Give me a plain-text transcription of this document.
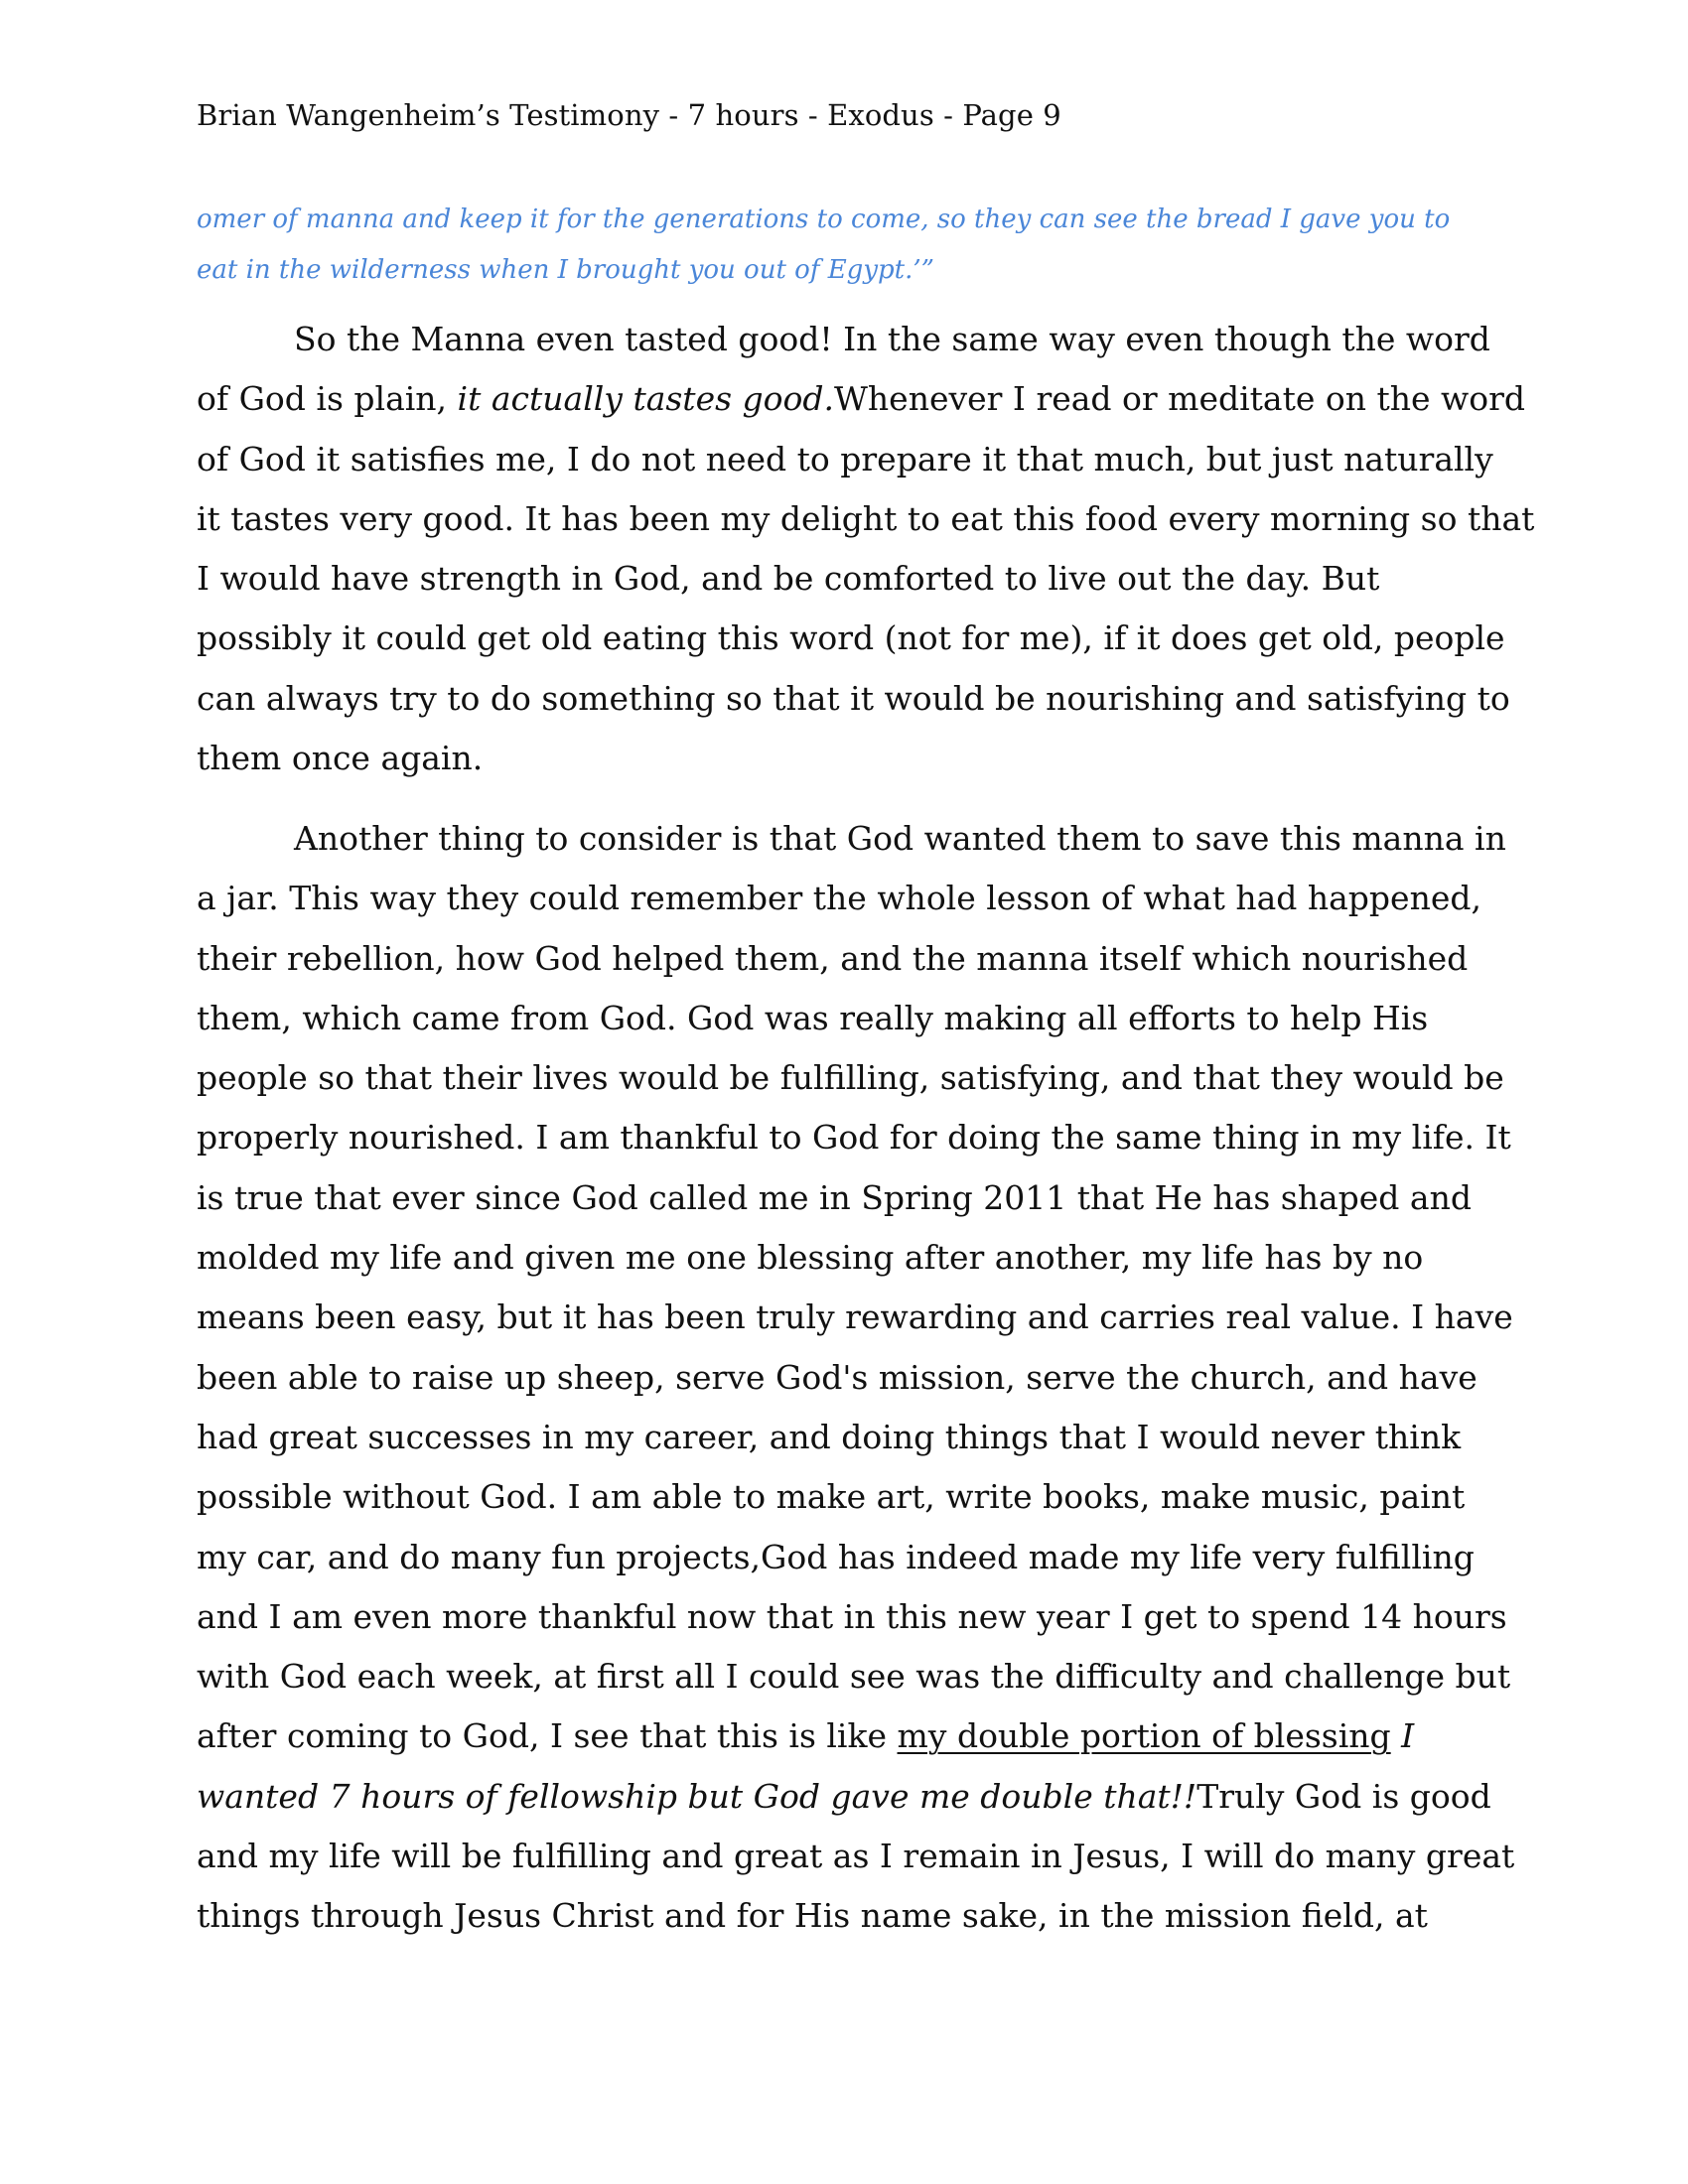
Brian Wangenheim’s Testimony - 7 hours - Exodus - Page 9
omer of manna and keep it for the generations to come, so they can see the bread I gave you to
eat in the wilderness when I brought you out of Egypt.’”
So the Manna even tasted good! In the same way even though the word
of God is plain, it actually tastes good.Whenever I read or meditate on the word
of God it satisfies me, I do not need to prepare it that much, but just naturally
it tastes very good. It has been my delight to eat this food every morning so that
I would have strength in God, and be comforted to live out the day. But
possibly it could get old eating this word (not for me), if it does get old, people
can always try to do something so that it would be nourishing and satisfying to
them once again.
Another thing to consider is that God wanted them to save this manna in
a jar. This way they could remember the whole lesson of what had happened,
their rebellion, how God helped them, and the manna itself which nourished
them, which came from God. God was really making all efforts to help His
people so that their lives would be fulfilling, satisfying, and that they would be
properly nourished. I am thankful to God for doing the same thing in my life. It
is true that ever since God called me in Spring 2011 that He has shaped and
molded my life and given me one blessing after another, my life has by no
means been easy, but it has been truly rewarding and carries real value. I have
been able to raise up sheep, serve God's mission, serve the church, and have
had great successes in my career, and doing things that I would never think
possible without God. I am able to make art, write books, make music, paint
my car, and do many fun projects,God has indeed made my life very fulfilling
and I am even more thankful now that in this new year I get to spend 14 hours
with God each week, at first all I could see was the difficulty and challenge but
after coming to God, I see that this is like my double portion of blessing I
wanted 7 hours of fellowship but God gave me double that!!Truly God is good
and my life will be fulfilling and great as I remain in Jesus, I will do many great
things through Jesus Christ and for His name sake, in the mission field, at
